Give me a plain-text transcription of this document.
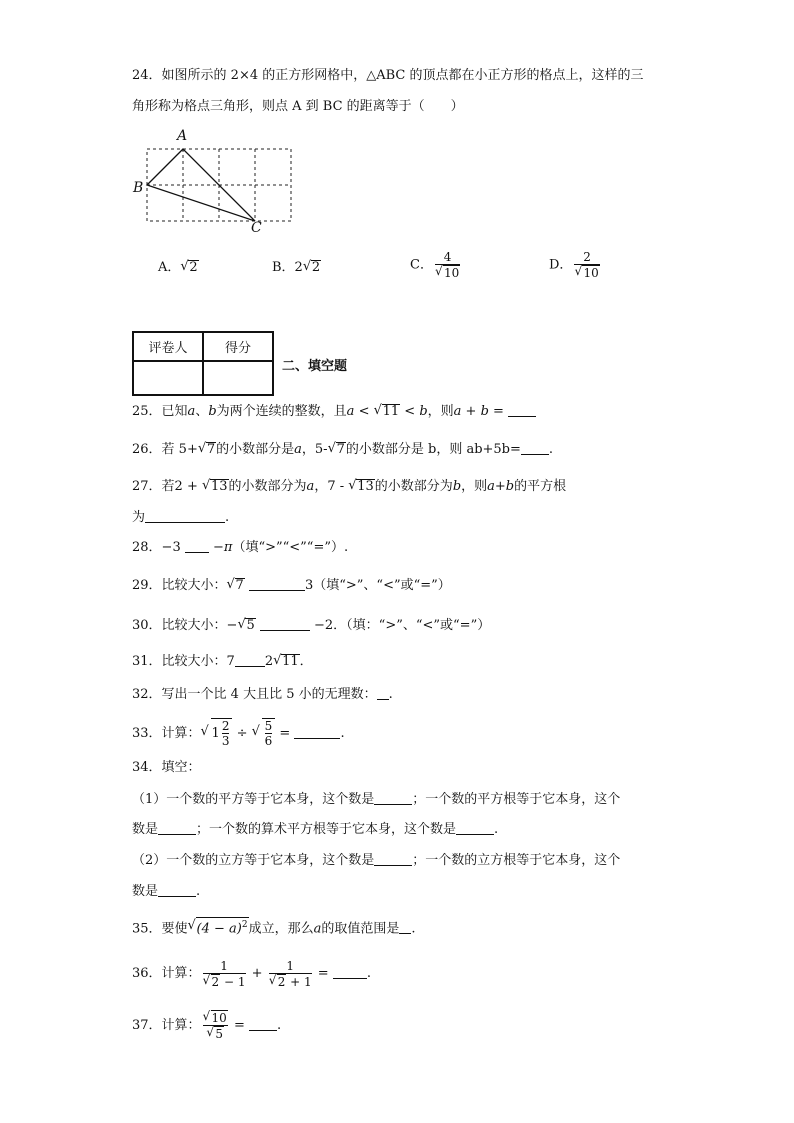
24．如图所示的 2×4 的正方形网格中，△ABC 的顶点都在小正方形的格点上，这样的三
角形称为格点三角形，则点 A 到 BC 的距离等于（　　）
A
B
C
A． √ 2	B．2 √ 2	C． 4
√ 10	D． 2
√ 10
评卷人	得分

二、填空题
25．已知a、b为两个连续的整数，且a < √ 11 < b，则a + b =
26．若 5+ √ 7的小数部分是a，5- √ 7的小数部分是 b，则 ab+5b= .
27．若2 + √ 13的小数部分为a，7 - √ 13的小数部分为b，则a+b的平方根
为	.
28．−3 −π（填“>”“<”“=”）.
29．比较大小： √ 7	3（填“>”、“<”或“=”）
30．比较大小：− √ 5	−2．（填：“>”、“<”或“=”）
31．比较大小：7 2 √ 11．
32．写出一个比 4 大且比 5 小的无理数： .
33．计算： √ $1 \frac{2}{3}$ ÷ √ $\frac{5}{6}$ =	.
34．填空：
（1）一个数的平方等于它本身，这个数是	；一个数的平方根等于它本身，这个
数是	；一个数的算术平方根等于它本身，这个数是	.
（2）一个数的立方等于它本身，这个数是	；一个数的立方根等于它本身，这个
数是	.
35．要使 √ $(4 - a)^2$成立，那么a的取值范围是 .
36．计算： 1
√ 2 − 1 + 1
√ 2 + 1 =	.
37．计算： √ 10
√ 5 = .
